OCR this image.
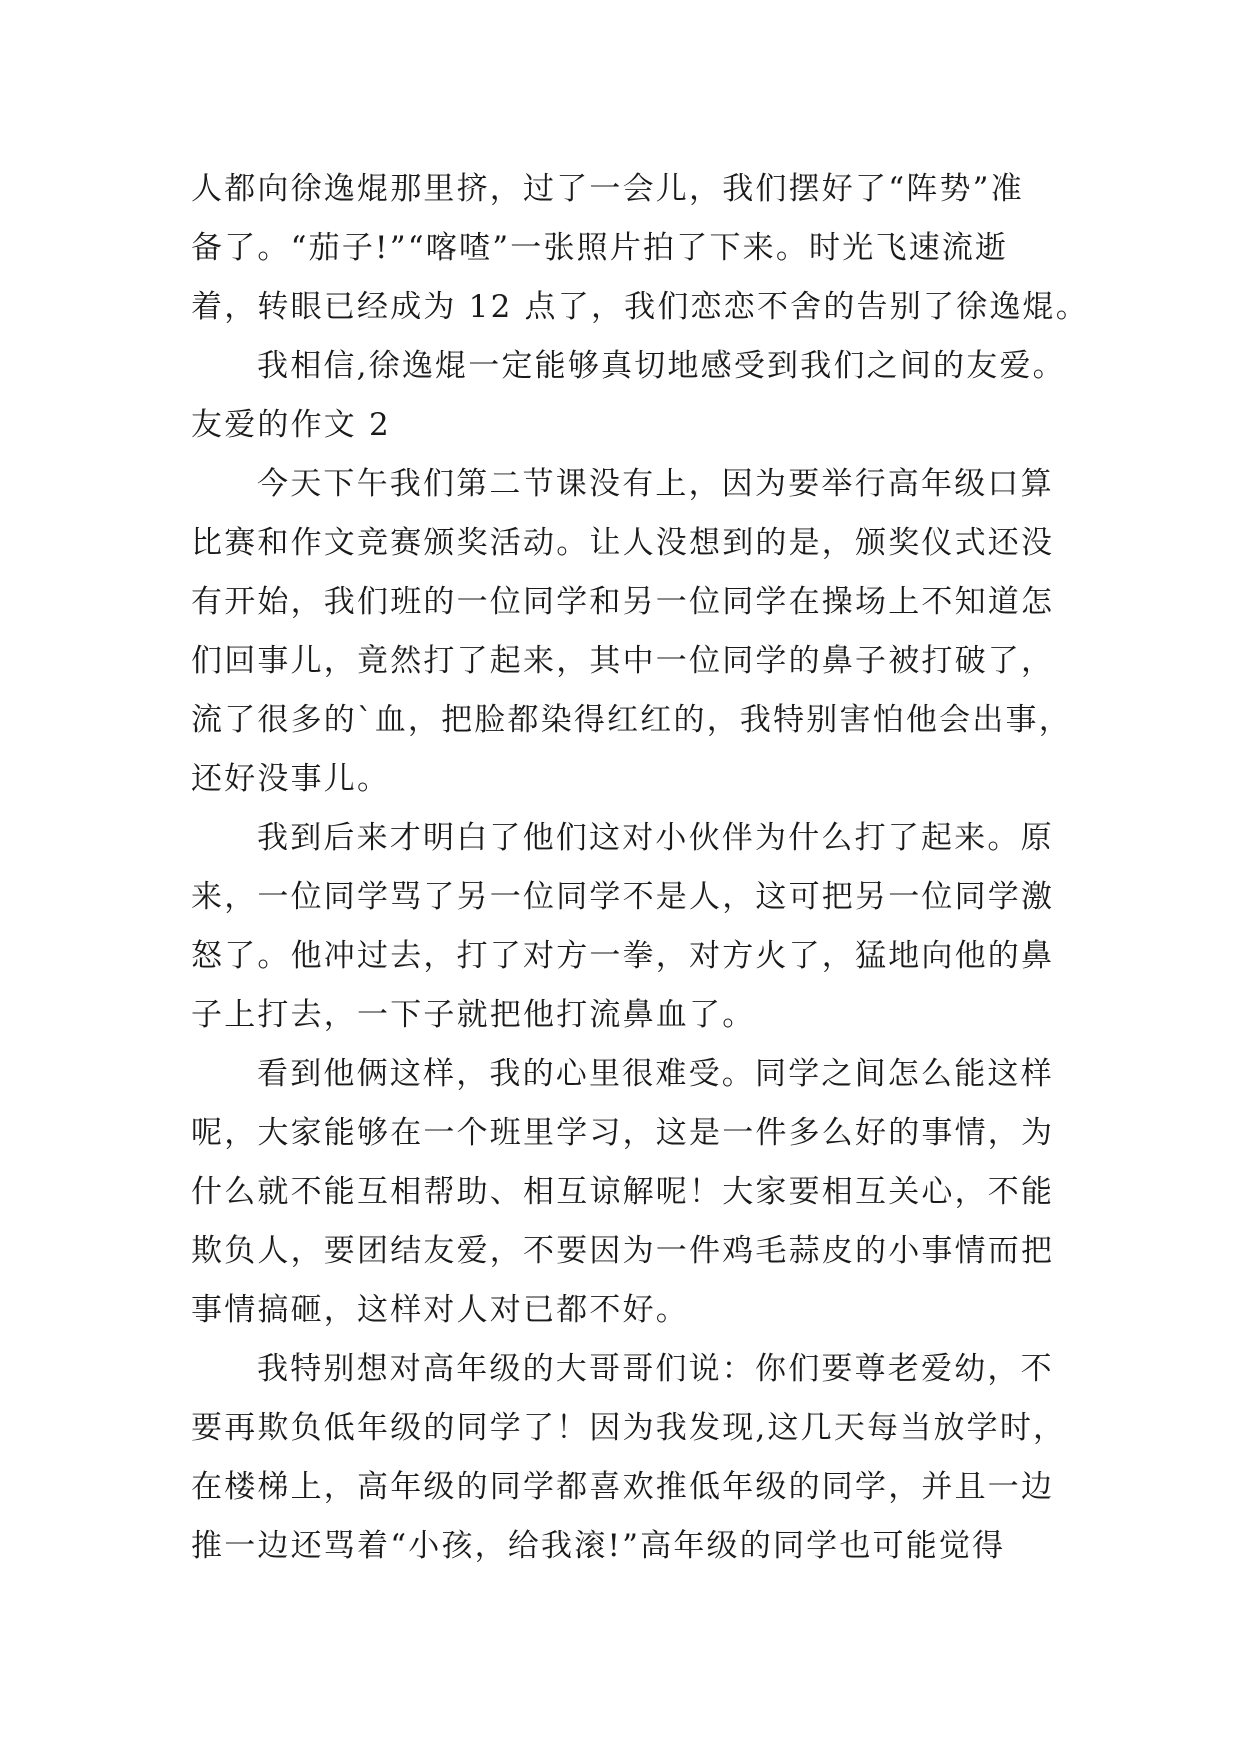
人都向徐逸焜那里挤，过了一会儿，我们摆好了“阵势”准
备了。“茄子!”“喀喳”一张照片拍了下来。时光飞速流逝
着，转眼已经成为 12 点了，我们恋恋不舍的告别了徐逸焜。
我相信,徐逸焜一定能够真切地感受到我们之间的友爱。
友爱的作文 2
今天下午我们第二节课没有上，因为要举行高年级口算
比赛和作文竞赛颁奖活动。让人没想到的是，颁奖仪式还没
有开始，我们班的一位同学和另一位同学在操场上不知道怎
们回事儿，竟然打了起来，其中一位同学的鼻子被打破了，
流了很多的`血，把脸都染得红红的，我特别害怕他会出事，
还好没事儿。
我到后来才明白了他们这对小伙伴为什么打了起来。原
来，一位同学骂了另一位同学不是人，这可把另一位同学激
怒了。他冲过去，打了对方一拳，对方火了，猛地向他的鼻
子上打去，一下子就把他打流鼻血了。
看到他俩这样，我的心里很难受。同学之间怎么能这样
呢，大家能够在一个班里学习，这是一件多么好的事情，为
什么就不能互相帮助、相互谅解呢！大家要相互关心，不能
欺负人，要团结友爱，不要因为一件鸡毛蒜皮的小事情而把
事情搞砸，这样对人对已都不好。
我特别想对高年级的大哥哥们说：你们要尊老爱幼，不
要再欺负低年级的同学了！因为我发现,这几天每当放学时，
在楼梯上，高年级的同学都喜欢推低年级的同学，并且一边
推一边还骂着“小孩，给我滚!”高年级的同学也可能觉得
